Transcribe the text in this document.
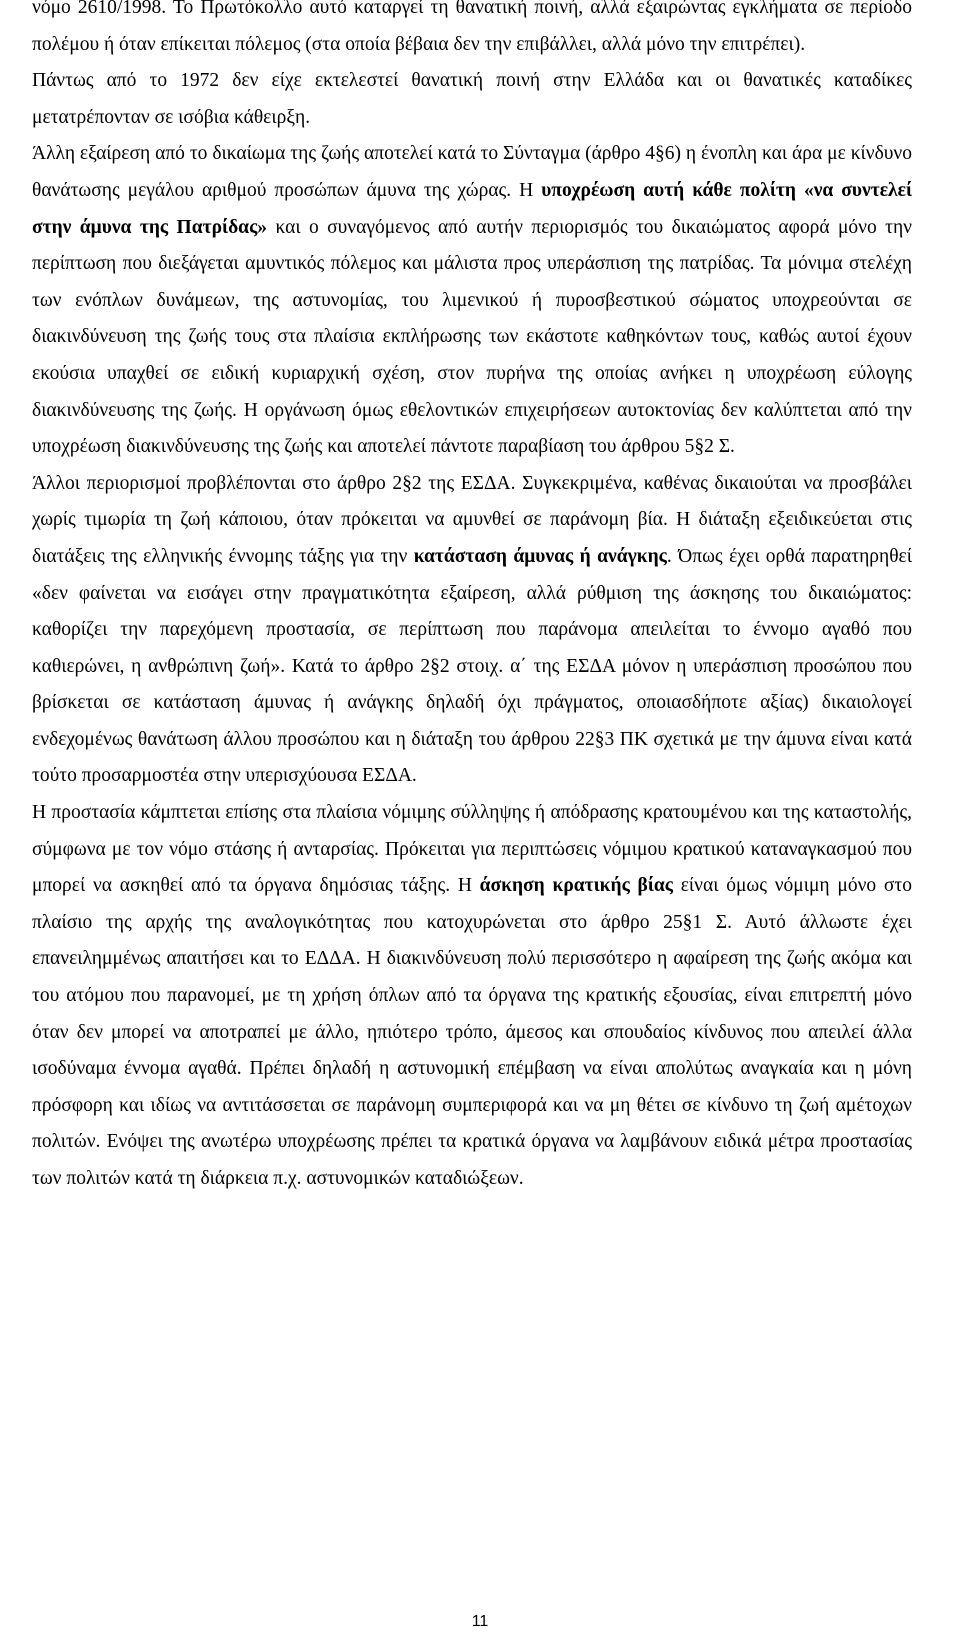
νόμο 2610/1998. Το Πρωτόκολλο αυτό καταργεί τη θανατική ποινή, αλλά εξαιρώντας εγκλήματα σε περίοδο πολέμου ή όταν επίκειται πόλεμος (στα οποία βέβαια δεν την επιβάλλει, αλλά μόνο την επιτρέπει).

Πάντως από το 1972 δεν είχε εκτελεστεί θανατική ποινή στην Ελλάδα και οι θανατικές καταδίκες μετατρέπονταν σε ισόβια κάθειρξη.

Άλλη εξαίρεση από το δικαίωμα της ζωής αποτελεί κατά το Σύνταγμα (άρθρο 4§6) η ένοπλη και άρα με κίνδυνο θανάτωσης μεγάλου αριθμού προσώπων άμυνα της χώρας. Η υποχρέωση αυτή κάθε πολίτη «να συντελεί στην άμυνα της Πατρίδας» και ο συναγόμενος από αυτήν περιορισμός του δικαιώματος αφορά μόνο την περίπτωση που διεξάγεται αμυντικός πόλεμος και μάλιστα προς υπεράσπιση της πατρίδας. Τα μόνιμα στελέχη των ενόπλων δυνάμεων, της αστυνομίας, του λιμενικού ή πυροσβεστικού σώματος υποχρεούνται σε διακινδύνευση της ζωής τους στα πλαίσια εκπλήρωσης των εκάστοτε καθηκόντων τους, καθώς αυτοί έχουν εκούσια υπαχθεί σε ειδική κυριαρχική σχέση, στον πυρήνα της οποίας ανήκει η υποχρέωση εύλογης διακινδύνευσης της ζωής. Η οργάνωση όμως εθελοντικών επιχειρήσεων αυτοκτονίας δεν καλύπτεται από την υποχρέωση διακινδύνευσης της ζωής και αποτελεί πάντοτε παραβίαση του άρθρου 5§2 Σ.

Άλλοι περιορισμοί προβλέπονται στο άρθρο 2§2 της ΕΣΔΑ. Συγκεκριμένα, καθένας δικαιούται να προσβάλει χωρίς τιμωρία τη ζωή κάποιου, όταν πρόκειται να αμυνθεί σε παράνομη βία. Η διάταξη εξειδικεύεται στις διατάξεις της ελληνικής έννομης τάξης για την κατάσταση άμυνας ή ανάγκης. Όπως έχει ορθά παρατηρηθεί «δεν φαίνεται να εισάγει στην πραγματικότητα εξαίρεση, αλλά ρύθμιση της άσκησης του δικαιώματος: καθορίζει την παρεχόμενη προστασία, σε περίπτωση που παράνομα απειλείται το έννομο αγαθό που καθιερώνει, η ανθρώπινη ζωή». Κατά το άρθρο 2§2 στοιχ. α΄ της ΕΣΔΑ μόνον η υπεράσπιση προσώπου που βρίσκεται σε κατάσταση άμυνας ή ανάγκης δηλαδή όχι πράγματος, οποιασδήποτε αξίας) δικαιολογεί ενδεχομένως θανάτωση άλλου προσώπου και η διάταξη του άρθρου 22§3 ΠΚ σχετικά με την άμυνα είναι κατά τούτο προσαρμοστέα στην υπερισχύουσα ΕΣΔΑ.

Η προστασία κάμπτεται επίσης στα πλαίσια νόμιμης σύλληψης ή απόδρασης κρατουμένου και της καταστολής, σύμφωνα με τον νόμο στάσης ή ανταρσίας. Πρόκειται για περιπτώσεις νόμιμου κρατικού καταναγκασμού που μπορεί να ασκηθεί από τα όργανα δημόσιας τάξης. Η άσκηση κρατικής βίας είναι όμως νόμιμη μόνο στο πλαίσιο της αρχής της αναλογικότητας που κατοχυρώνεται στο άρθρο 25§1 Σ. Αυτό άλλωστε έχει επανειλημμένως απαιτήσει και το ΕΔΔΑ. Η διακινδύνευση πολύ περισσότερο η αφαίρεση της ζωής ακόμα και του ατόμου που παρανομεί, με τη χρήση όπλων από τα όργανα της κρατικής εξουσίας, είναι επιτρεπτή μόνο όταν δεν μπορεί να αποτραπεί με άλλο, ηπιότερο τρόπο, άμεσος και σπουδαίος κίνδυνος που απειλεί άλλα ισοδύναμα έννομα αγαθά. Πρέπει δηλαδή η αστυνομική επέμβαση να είναι απολύτως αναγκαία και η μόνη πρόσφορη και ιδίως να αντιτάσσεται σε παράνομη συμπεριφορά και να μη θέτει σε κίνδυνο τη ζωή αμέτοχων πολιτών. Ενόψει της ανωτέρω υποχρέωσης πρέπει τα κρατικά όργανα να λαμβάνουν ειδικά μέτρα προστασίας των πολιτών κατά τη διάρκεια π.χ. αστυνομικών καταδιώξεων.

11
